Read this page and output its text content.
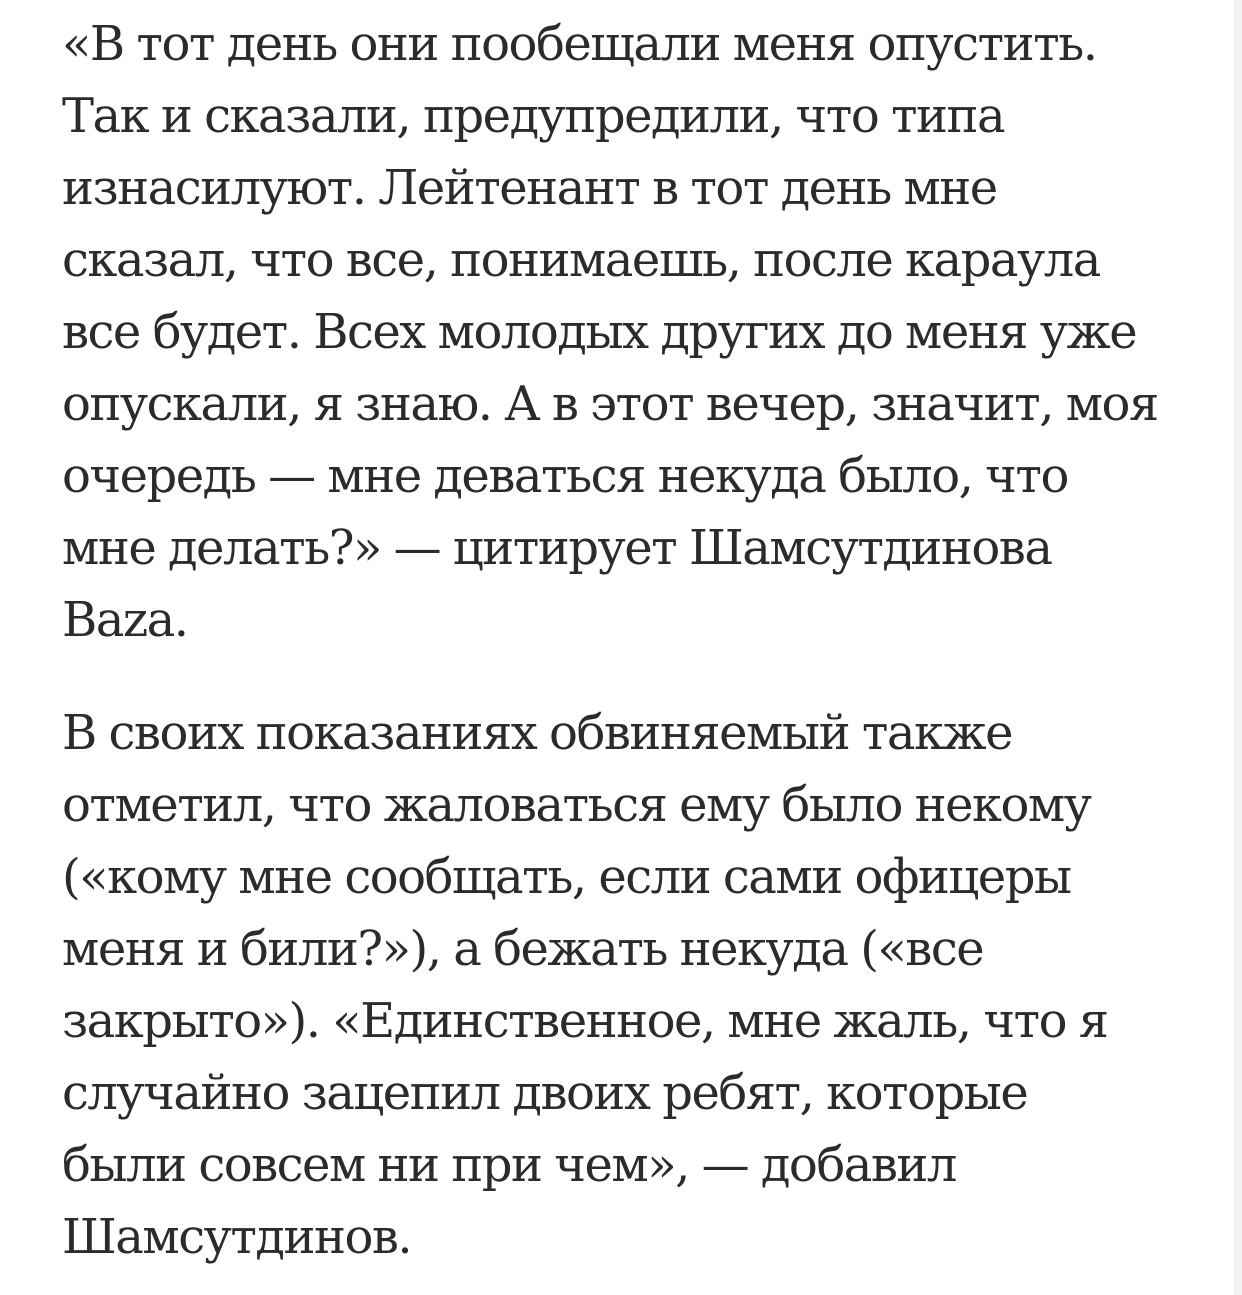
«В тот день они пообещали меня опустить.
Так и сказали, предупредили, что типа
изнасилуют. Лейтенант в тот день мне
сказал, что все, понимаешь, после караула
все будет. Всех молодых других до меня уже
опускали, я знаю. А в этот вечер, значит, моя
очередь — мне деваться некуда было, что
мне делать?» — цитирует Шамсутдинова
Baza.
В своих показаниях обвиняемый также
отметил, что жаловаться ему было некому
(«кому мне сообщать, если сами офицеры
меня и били?»), а бежать некуда («все
закрыто»). «Единственное, мне жаль, что я
случайно зацепил двоих ребят, которые
были совсем ни при чем», — добавил
Шамсутдинов.
